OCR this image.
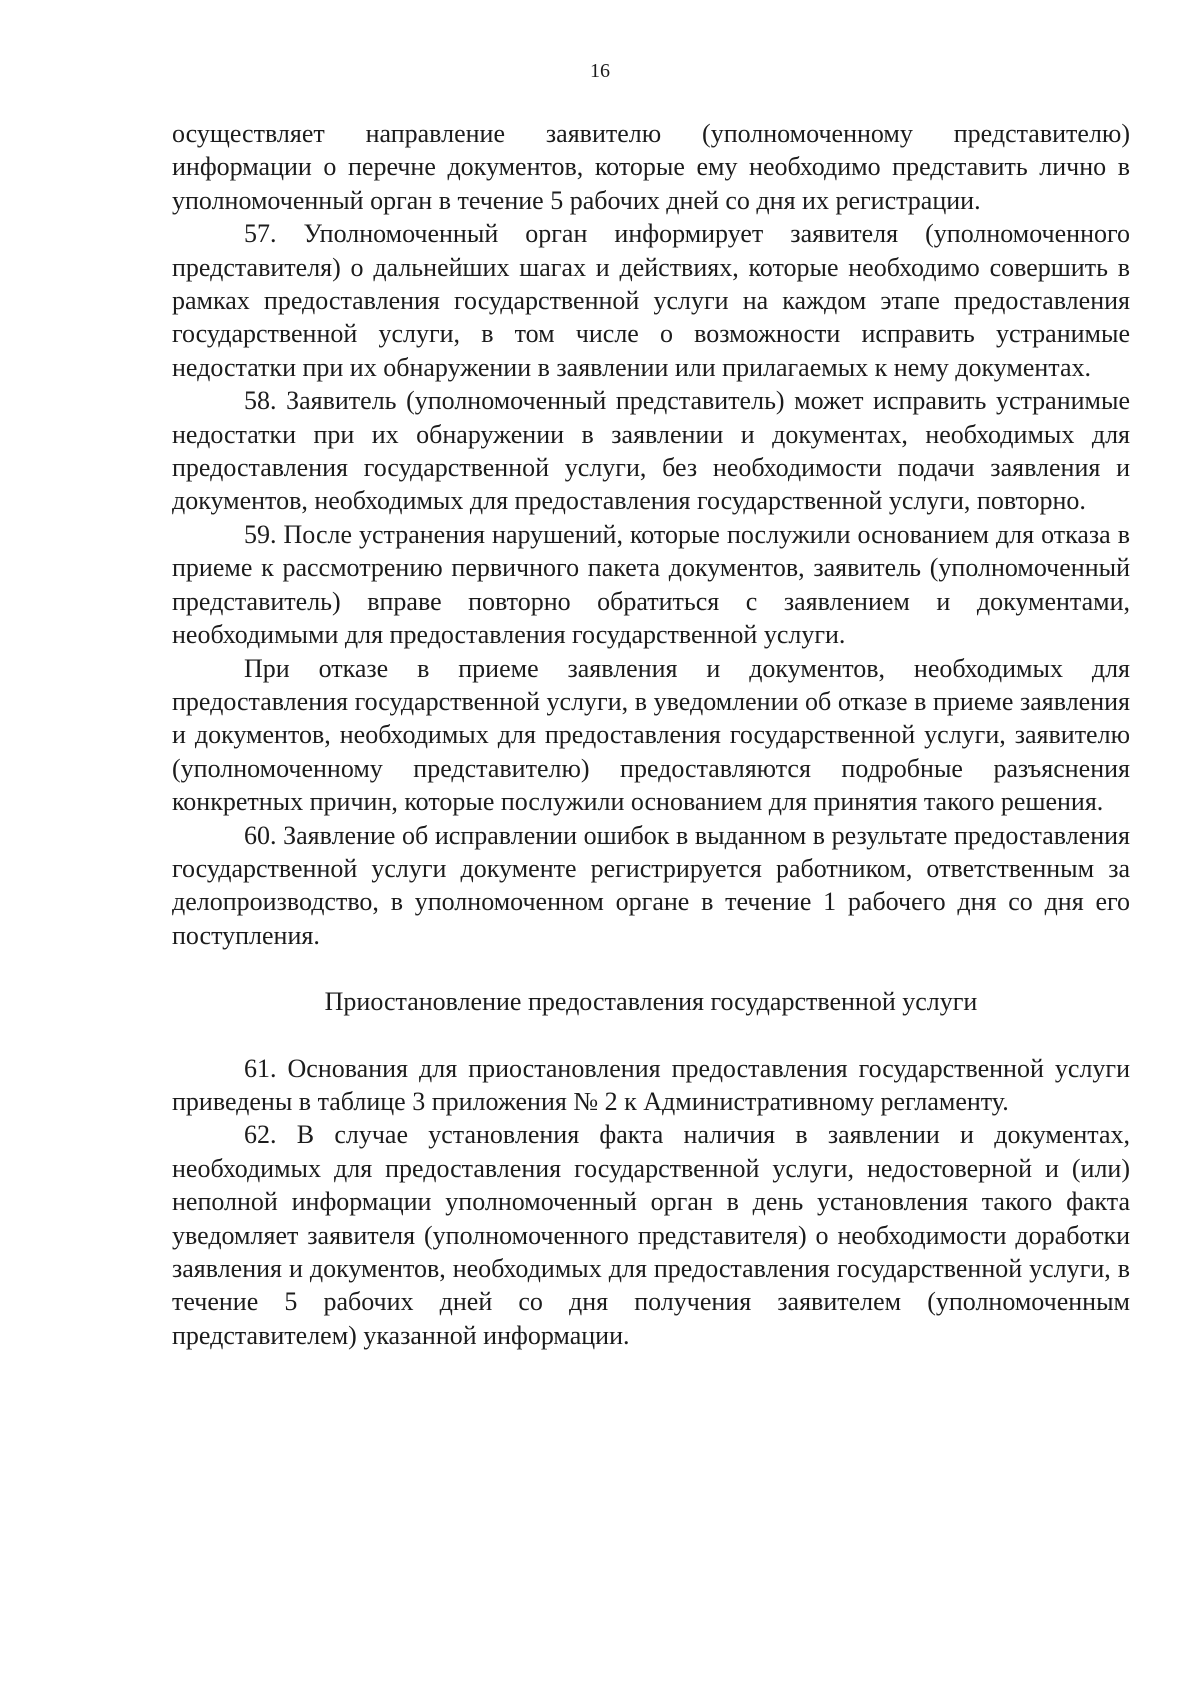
16

осуществляет направление заявителю (уполномоченному представителю) информации о перечне документов, которые ему необходимо представить лично в уполномоченный орган в течение 5 рабочих дней со дня их регистрации.

57. Уполномоченный орган информирует заявителя (уполномоченного представителя) о дальнейших шагах и действиях, которые необходимо совершить в рамках предоставления государственной услуги на каждом этапе предоставления государственной услуги, в том числе о возможности исправить устранимые недостатки при их обнаружении в заявлении или прилагаемых к нему документах.

58. Заявитель (уполномоченный представитель) может исправить устранимые недостатки при их обнаружении в заявлении и документах, необходимых для предоставления государственной услуги, без необходимости подачи заявления и документов, необходимых для предоставления государственной услуги, повторно.

59. После устранения нарушений, которые послужили основанием для отказа в приеме к рассмотрению первичного пакета документов, заявитель (уполномоченный представитель) вправе повторно обратиться с заявлением и документами, необходимыми для предоставления государственной услуги.

При отказе в приеме заявления и документов, необходимых для предоставления государственной услуги, в уведомлении об отказе в приеме заявления и документов, необходимых для предоставления государственной услуги, заявителю (уполномоченному представителю) предоставляются подробные разъяснения конкретных причин, которые послужили основанием для принятия такого решения.

60. Заявление об исправлении ошибок в выданном в результате предоставления государственной услуги документе регистрируется работником, ответственным за делопроизводство, в уполномоченном органе в течение 1 рабочего дня со дня его поступления.

Приостановление предоставления государственной услуги

61. Основания для приостановления предоставления государственной услуги приведены в таблице 3 приложения № 2 к Административному регламенту.

62. В случае установления факта наличия в заявлении и документах, необходимых для предоставления государственной услуги, недостоверной и (или) неполной информации уполномоченный орган в день установления такого факта уведомляет заявителя (уполномоченного представителя) о необходимости доработки заявления и документов, необходимых для предоставления государственной услуги, в течение 5 рабочих дней со дня получения заявителем (уполномоченным представителем) указанной информации.
